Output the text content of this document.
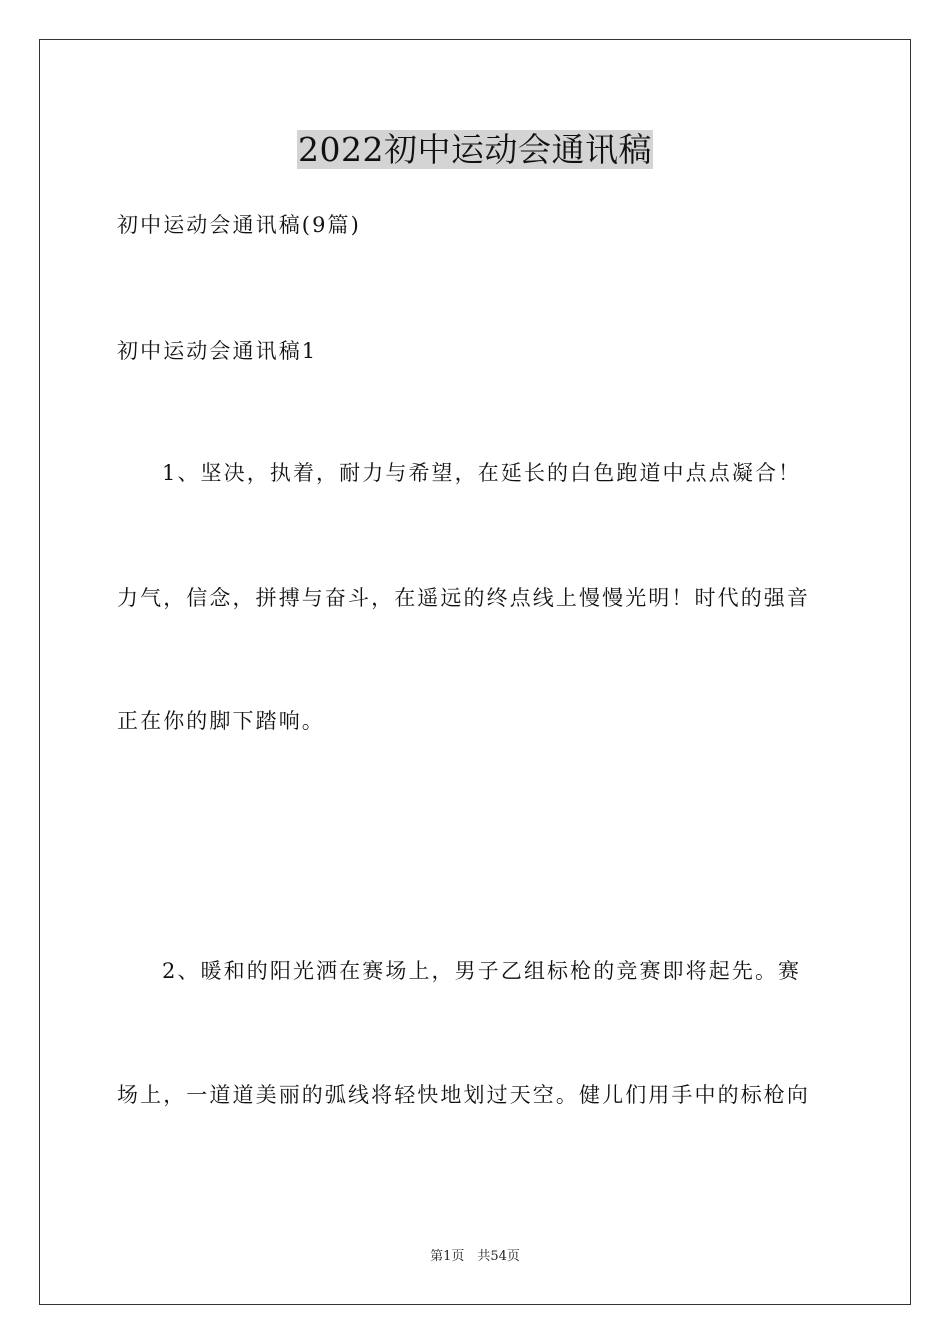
2022初中运动会通讯稿

初中运动会通讯稿(9篇)

初中运动会通讯稿1

1、坚决，执着，耐力与希望，在延长的白色跑道中点点凝合！

力气，信念，拼搏与奋斗，在遥远的终点线上慢慢光明！时代的强音

正在你的脚下踏响。

2、暖和的阳光洒在赛场上，男子乙组标枪的竞赛即将起先。赛

场上，一道道美丽的弧线将轻快地划过天空。健儿们用手中的标枪向

第1页　共54页
